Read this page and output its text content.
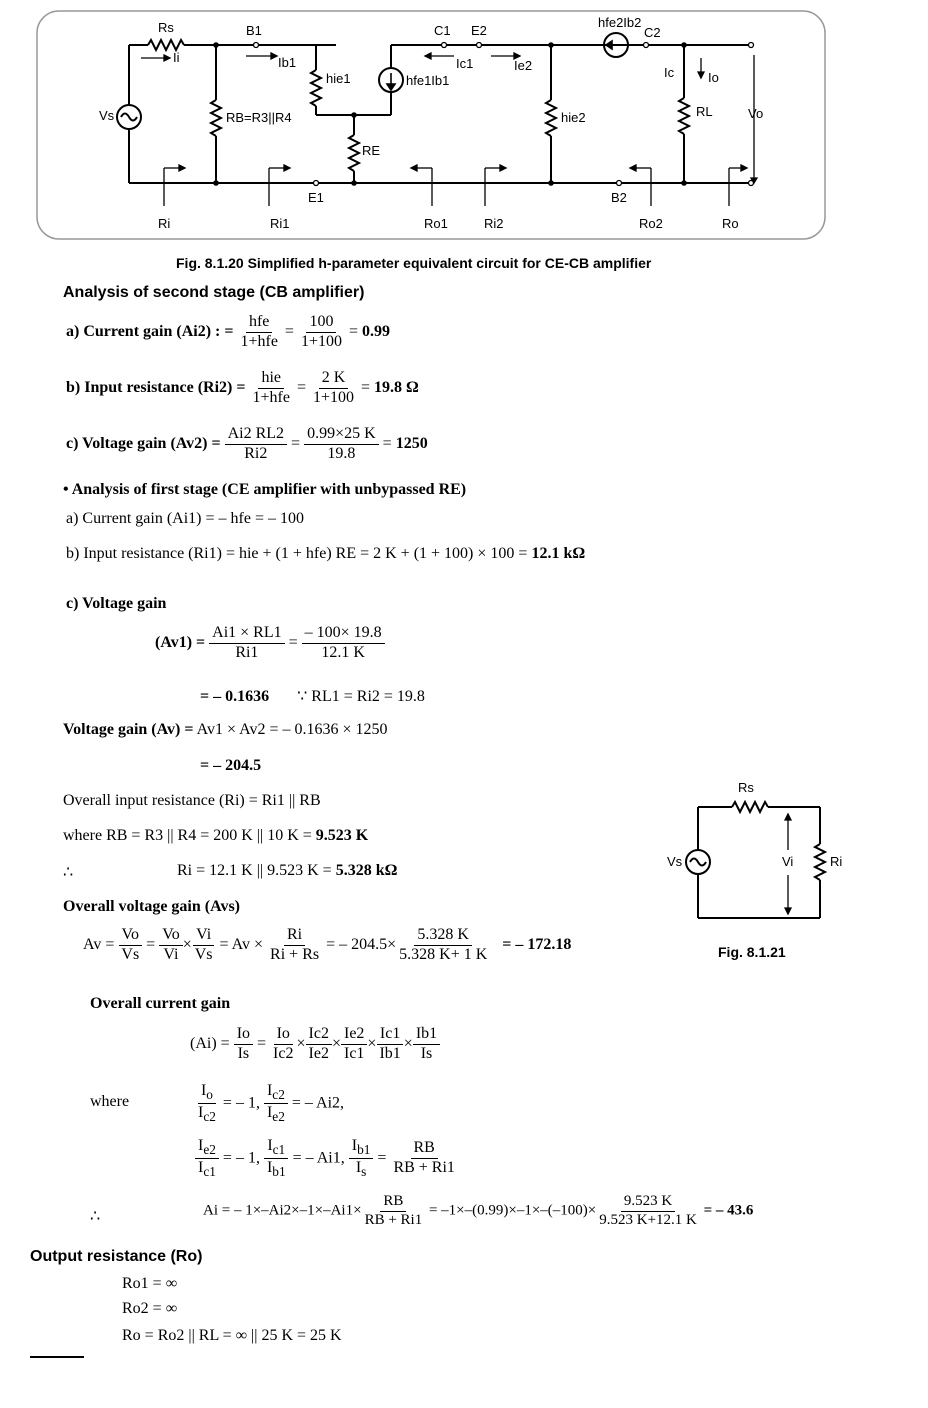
Rs	B1	C1 E2
hfe2Ib2
C2
Ii	Ib1	Ic1	Ie2	Ic	Io
hie1	hfe1Ib1
Vs	RB=R3||R4
RE
hie2	RL	Vo
E1	B2
Ri	Ri1	Ro1	Ri2	Ro2	Ro
Fig. 8.1.20 Simplified h-parameter equivalent circuit for CE-CB amplifier
Analysis of second stage (CB amplifier)
a) Current gain (Ai2) : = $\frac{\text{hfe}}{\text{1+hfe}} = \frac{100}{1+100} = 0.99$
b) Input resistance $(Ri2) = \frac{\text{hie}}{\text{1+hfe}} = \frac{2 K}{1+100} = 19.8$ Ω
c) Voltage gain $(Av2) = \frac{Ai2 RL2}{Ri2} = \frac{0.99\times 25 K}{19.8} = 1250$
• Analysis of first stage (CE amplifier with unbypassed RE)
a) Current gain (Ai1) = – hfe = – 100
b) Input resistance (Ri1) = hie + (1 + hfe) RE = 2 K + (1 + 100) × 100 = 12.1 kΩ
c) Voltage gain
$(Av1) = \frac{Ai1 \times RL1}{Ri1} = \frac{- 100\times 19.8}{12.1 K}$
= – 0.1636 ∵ RL1 = Ri2 = 19.8
Voltage gain (Av) = Av1 × Av2 = – 0.1636 × 1250
= – 204.5
Overall input resistance (Ri) = Ri1 || RB
where RB = R3 || R4 = 200 K || 10 K = 9.523 K
∴	Ri = 12.1 K || 9.523 K = 5.328 kΩ
Overall voltage gain (Avs)
$Av = \frac{Vo}{Vs} = \frac{Vo}{Vi} \times \frac{Vi}{Vs} = Av \times \frac{Ri}{Ri + Rs}$ = – $204.5\times \frac{5.328 K}{5.328 K+ 1 K}$ = – 172.18
Rs
Vs	Vi	Ri
Fig. 8.1.21
Overall current gain
$(Ai) = \frac{Io}{Is} = \frac{Io}{Ic2} \times \frac{Ic2}{Ie2} \times \frac{Ie2}{Ic1} \times \frac{Ic1}{Ib1} \times \frac{Ib1}{Is}$
where	$\frac{I_o}{I_{c2}}$ = – 1, $\frac{I_{c2}}{I_{e2}}$ = – Ai2,
$\frac{I_{e2}}{I_{c1}}$ = – 1, $\frac{I_{c1}}{I_{b1}}$ = – Ai1, $\frac{I_{b1}}{I_s} = \frac{RB}{RB + Ri1}$
∴	Ai = – $1\times-Ai2\times-1\times-Ai1\times \frac{RB}{RB + Ri1} = -1\times-(0.99)\times-1\times-(-100)\times \frac{9.523 K}{9.523 K+12.1 K}$ = – 43.6
Output resistance (Ro)
Ro1 = ∞
Ro2 = ∞
Ro = Ro2 || RL = ∞ || 25 K = 25 K
